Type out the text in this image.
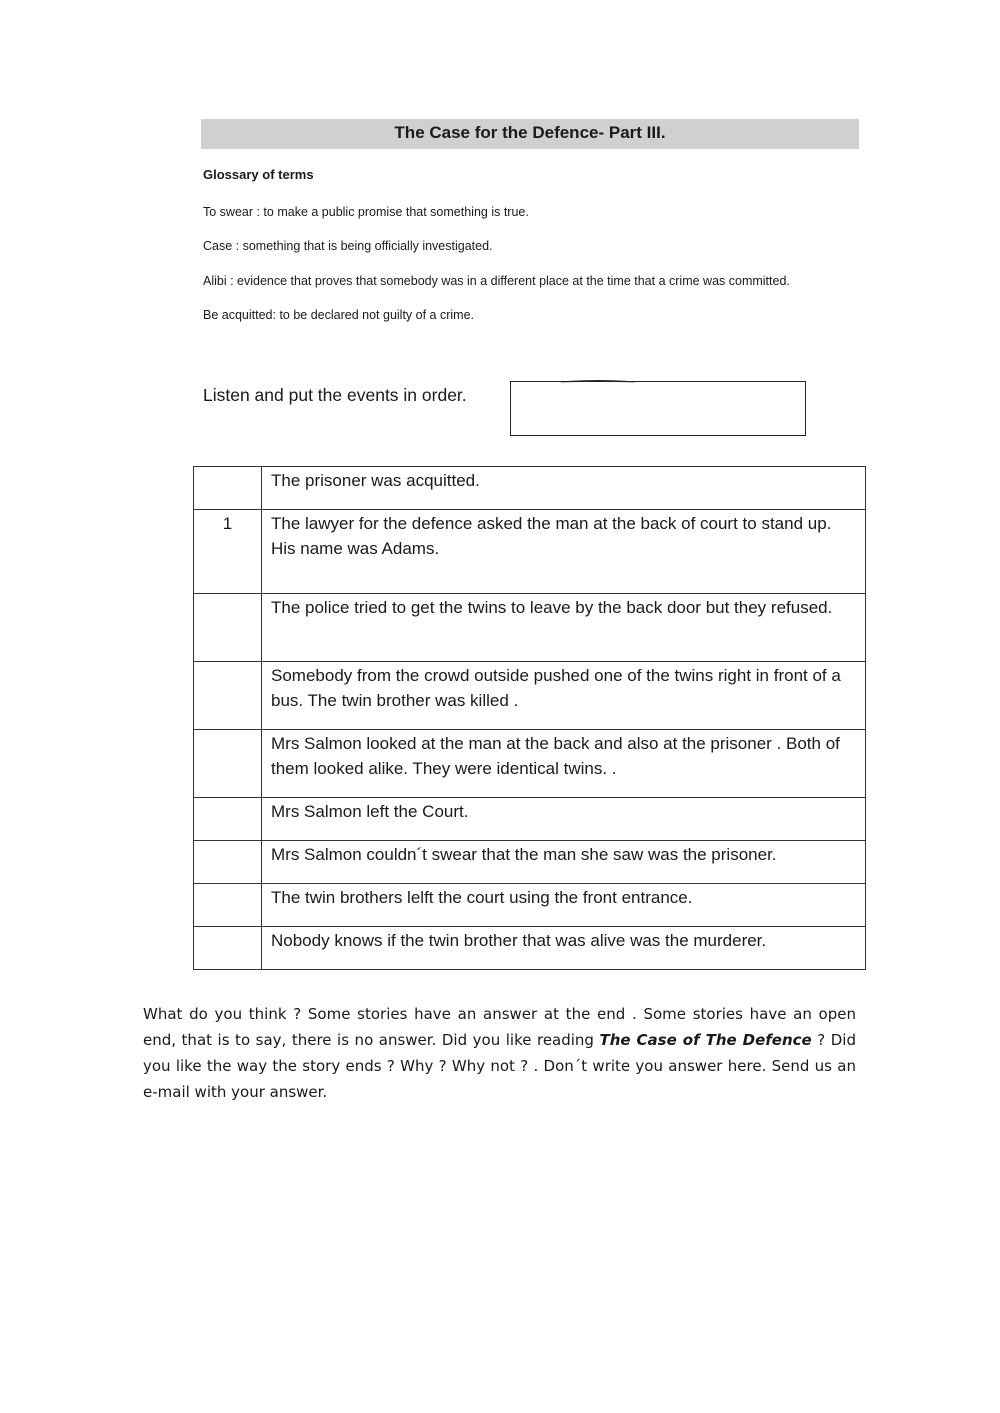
The Case for the Defence- Part III.
Glossary of terms
To swear : to make a public promise that something is true.
Case : something that is being officially investigated.
Alibi : evidence that proves that somebody was in a different place at the time that a crime was committed.
Be acquitted: to be declared not guilty of a crime.
Listen and put the events in order.
	The prisoner was acquitted.
1	The lawyer for the defence asked the man at the back of court to stand up. His name was Adams.
	The police tried to get the twins to leave by the back door but they refused.
	Somebody from the crowd outside pushed one of the twins right in front of a bus. The twin brother was killed .
	Mrs Salmon looked at the man at the back and also at the prisoner . Both of them looked alike. They were identical twins. .
	Mrs Salmon left the Court.
	Mrs Salmon couldn´t swear that the man she saw was the prisoner.
	The twin brothers lelft the court using the front entrance.
	Nobody knows if the twin brother that was alive was the murderer.

What do you think ? Some stories have an answer at the end . Some stories have an open end, that is to say, there is no answer. Did you like reading The Case of The Defence ? Did you like the way the story ends ? Why ? Why not ? . Don´t write you answer here. Send us an e-mail with your answer.
